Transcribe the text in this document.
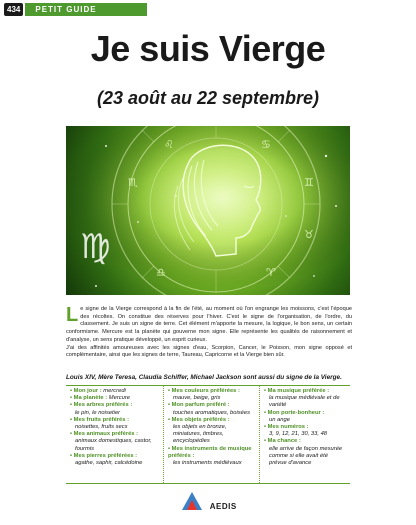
434	PETIT GUIDE
Je suis Vierge
(23 août au 22 septembre)
♌	♋
♊
♉
♈
♎
♏
♍

Le signe de la Vierge correspond à la fin de l'été, au moment où l'on engrange les moissons, c'est l'époque des récoltes. On constitue des réserves pour l'hiver. C'est le signe de l'organisation, de l'ordre, du classement. Je suis un signe de terre. Cet élément m'apporte la mesure, la logique, le bon sens, un certain conformisme. Mercure est la planète qui gouverne mon signe. Elle représente les qualités de raisonnement et d'analyse, un sens pratique développé, un esprit curieux.

J'ai des affinités amoureuses avec les signes d'eau, Scorpion, Cancer, le Poisson, mon signe opposé et complémentaire, ainsi que les signes de terre, Taureau, Capricorne et la Vierge bien sûr.

Louis XIV, Mère Teresa, Claudia Schiffer, Michael Jackson sont aussi du signe de la Vierge.
• Mon jour : mercredi
• Ma planète : Mercure
• Mes arbres préférés :
le pin, le noisetier
• Mes fruits préférés :
noisettes, fruits secs
• Mes animaux préférés :
animaux domestiques, castor, fourmis
• Mes pierres préférées :
agathe, saphir, calcédoine
• Mes couleurs préférées :
mauve, beige, gris
• Mon parfum préféré :
touches aromatiques, boisées
• Mes objets préférés :
les objets en bronze, miniatures, timbres, encyclopédies
• Mes instruments de musique préférés :
les instruments médiévaux
• Ma musique préférée :
la musique médiévale et de variété
• Mon porte-bonheur :
un ange
• Mes numéros :
3, 9, 12, 21, 30, 33, 48
• Ma chance :
elle arrive de façon mesurée comme si elle avait été prévue d'avance
AEDIS
